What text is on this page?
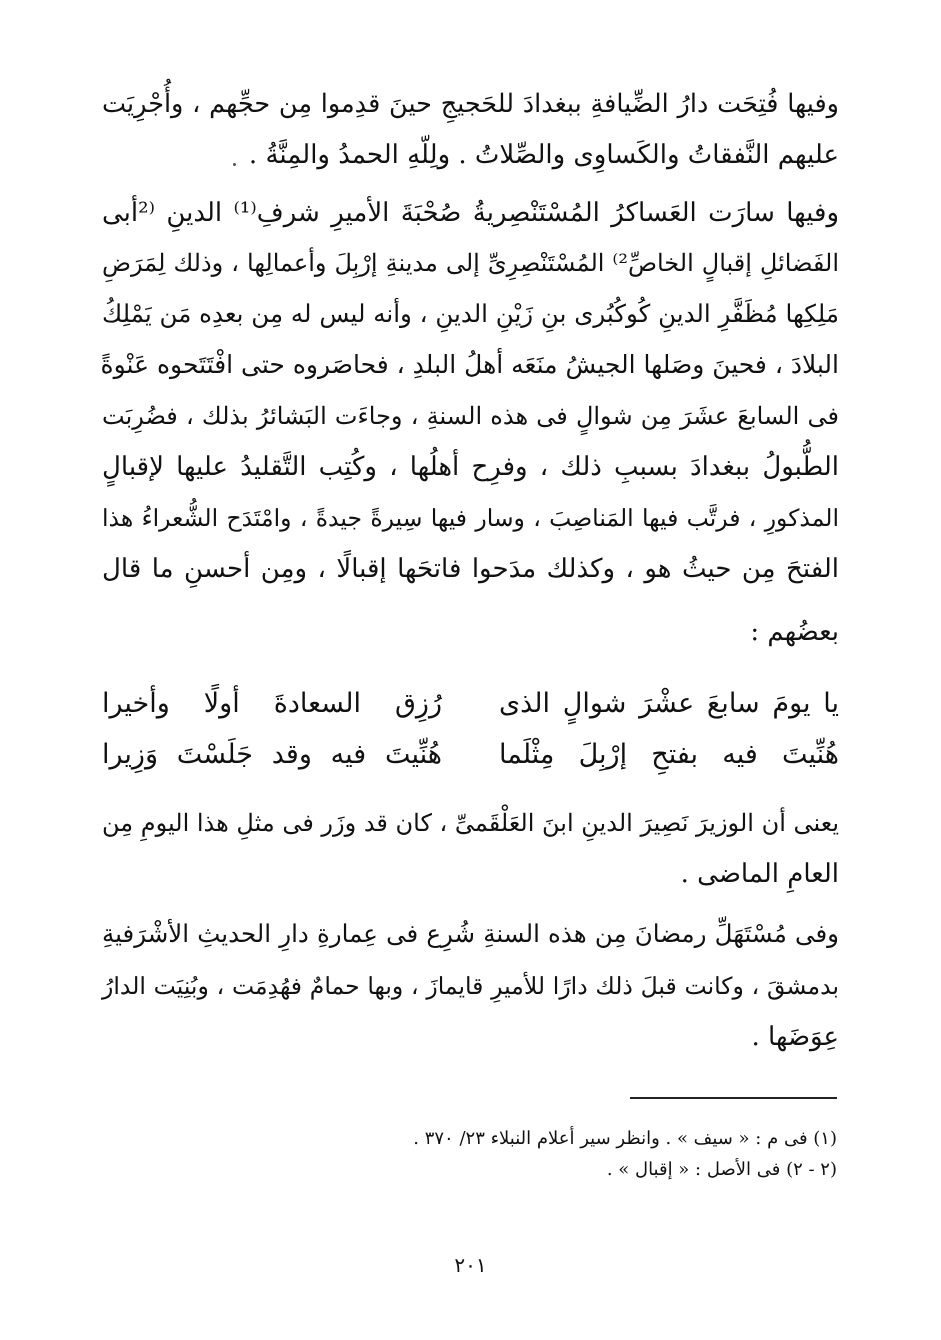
وفيها فُتِحَت دارُ الضِّيافةِ ببغدادَ للحَجيجِ حينَ قدِموا مِن حجِّهم ، وأُجْرِيَت
عليهم النَّفقاتُ والكَساوِى والصِّلاتُ . ولِلّهِ الحمدُ والمِنَّةُ .
وفيها سارَت العَساكرُ المُسْتَنْصِريةُ صُحْبَةَ الأميرِ شرفِ⁽¹⁾ الدينِ ⁽²أبى
الفَضائلِ إقبالٍ الخاصِّ²⁾ المُسْتَنْصِرِىِّ إلى مدينةِ إرْبِلَ وأعمالِها ، وذلك لِمَرَضِ
مَلِكِها مُظَفَّرِ الدينِ كُوكُبُرى بنِ زَيْنِ الدينِ ، وأنه ليس له مِن بعدِه مَن يَمْلِكُ
البلادَ ، فحينَ وصَلها الجيشُ منَعَه أهلُ البلدِ ، فحاصَروه حتى افْتَتَحوه عَنْوةً
فى السابعَ عشَرَ مِن شوالٍ فى هذه السنةِ ، وجاءَت البَشائرُ بذلك ، فضُرِبَت
الطُّبولُ ببغدادَ بسببِ ذلك ، وفرِح أهلُها ، وكُتِب التَّقليدُ عليها لإقبالٍ
المذكورِ ، فرتَّب فيها المَناصِبَ ، وسار فيها سِيرةً جيدةً ، وامْتَدَح الشُّعراءُ هذا
الفتحَ مِن حيثُ هو ، وكذلك مدَحوا فاتحَها إقبالًا ، ومِن أحسنِ ما قال
بعضُهم :
يا يومَ سابعَ عشْرَ شوالٍ الذى
رُزِق السعادةَ أولًا وأخيرا
هُنِّيتَ فيه بفتحِ إرْبِلَ مِثْلَما
هُنِّيتَ فيه وقد جَلَسْتَ وَزِيرا
يعنى أن الوزيرَ نَصِيرَ الدينِ ابنَ العَلْقَمىِّ ، كان قد وزَر فى مثلِ هذا اليومِ مِن
العامِ الماضى .
وفى مُسْتَهَلِّ رمضانَ مِن هذه السنةِ شُرِع فى عِمارةِ دارِ الحديثِ الأشْرَفيةِ
بدمشقَ ، وكانت قبلَ ذلك دارًا للأميرِ قايمازَ ، وبها حمامٌ فهُدِمَت ، وبُنِيَت الدارُ
عِوَضَها .
(١) فى م : « سيف » . وانظر سير أعلام النبلاء ٢٣/ ٣٧٠ .
(٢ - ٢) فى الأصل : « إقبال » .
٢٠١
